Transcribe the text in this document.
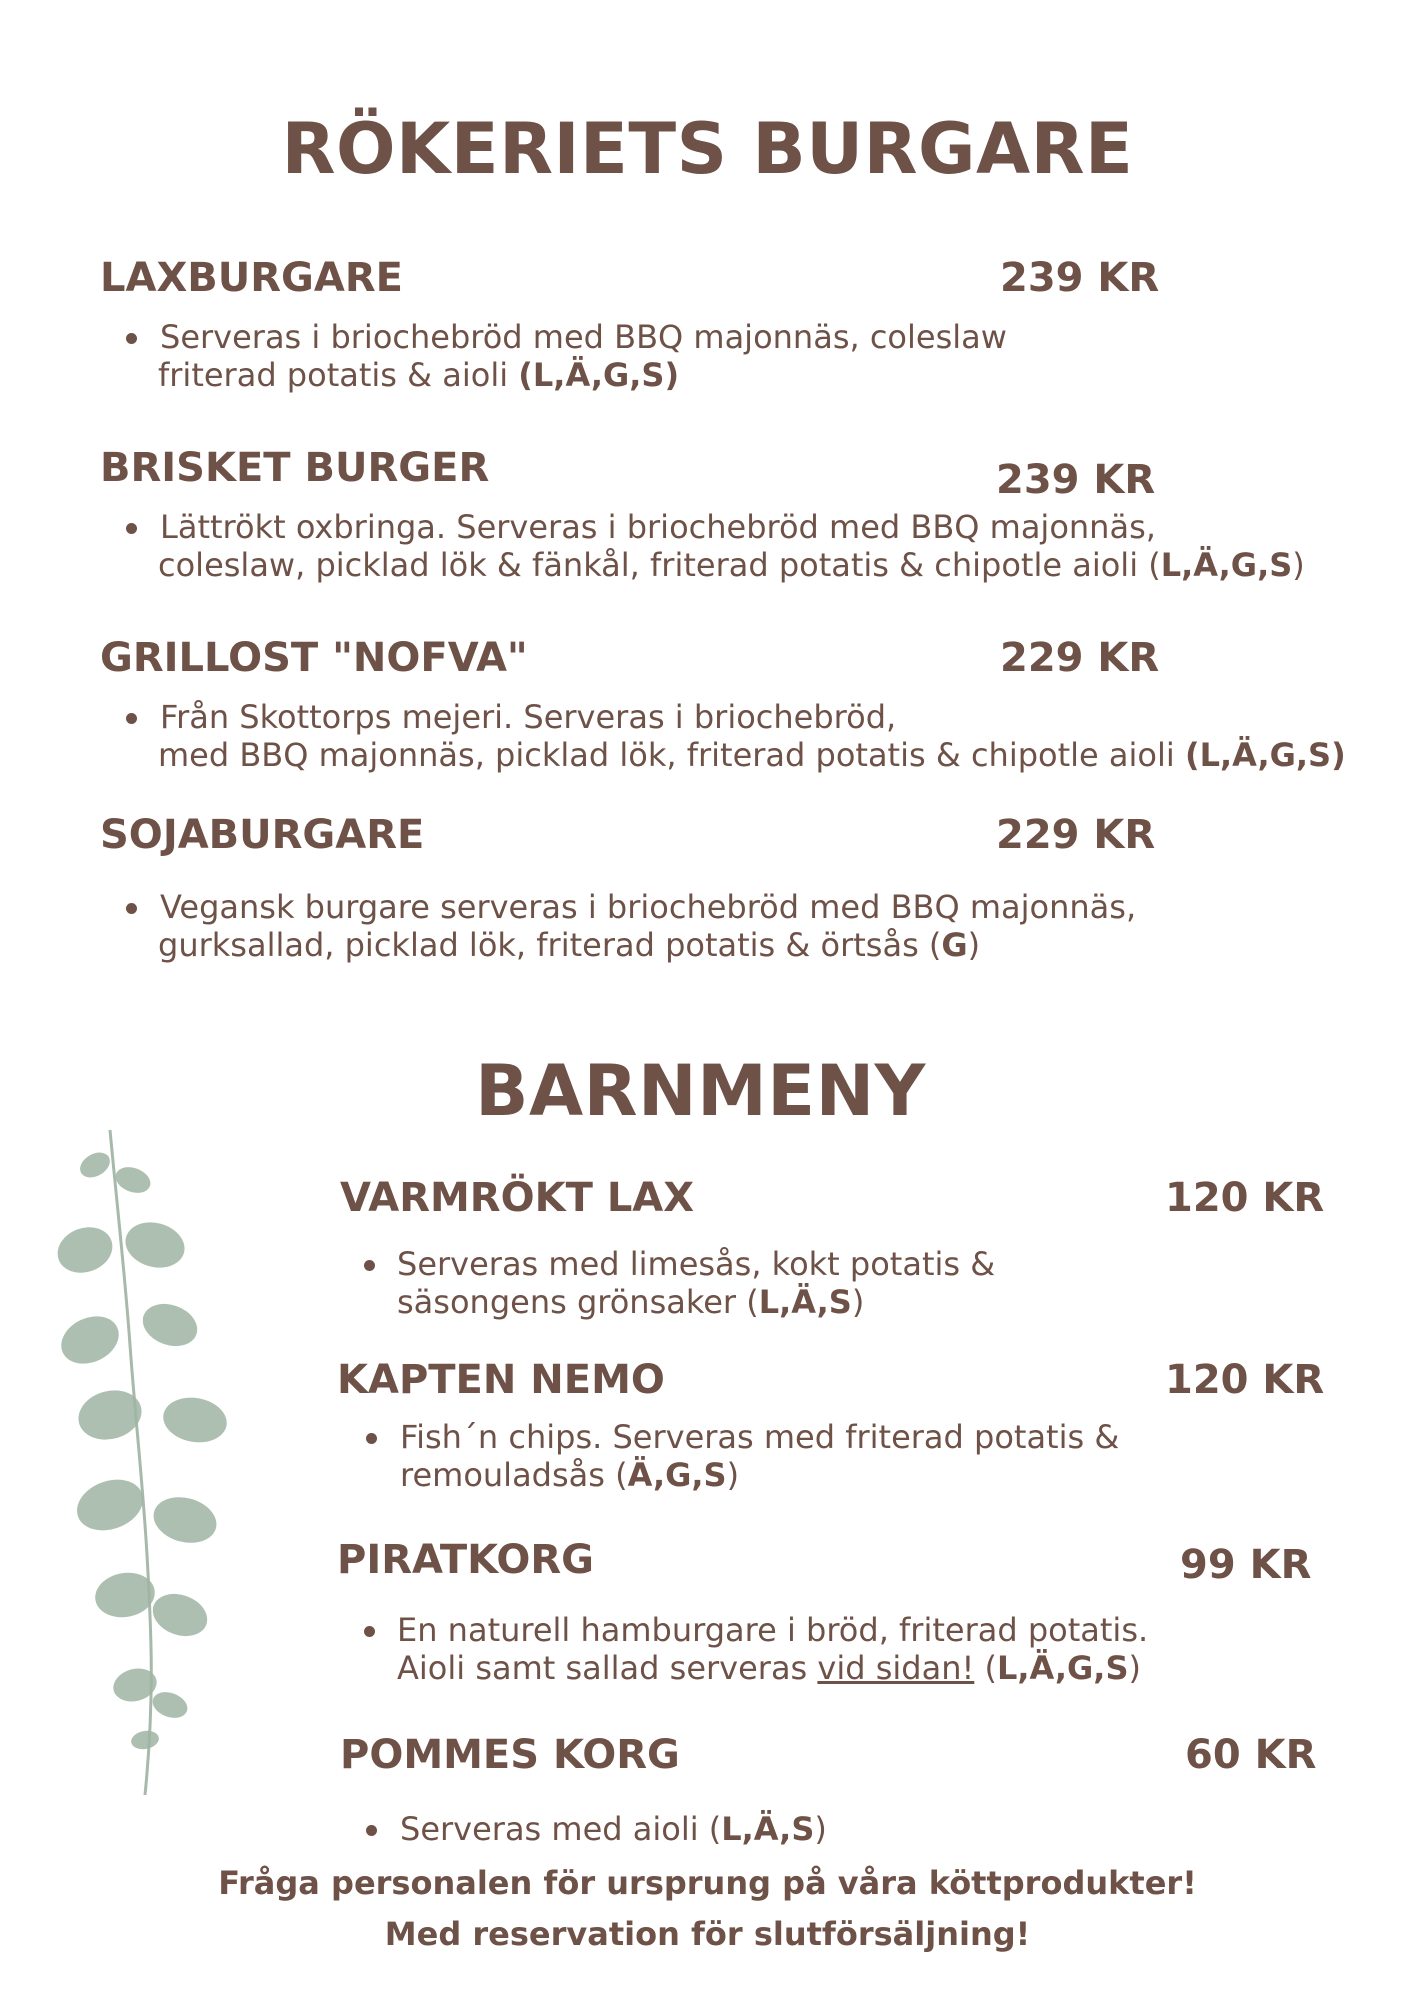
RÖKERIETS BURGARE
LAXBURGARE	239 KR
Serveras i briochebröd med BBQ majonnäs, coleslaw
friterad potatis & aioli (L,Ä,G,S)
BRISKET BURGER	239 KR
Lättrökt oxbringa. Serveras i briochebröd med BBQ majonnäs,
coleslaw, picklad lök & fänkål, friterad potatis & chipotle aioli (L,Ä,G,S)
GRILLOST "NOFVA"	229 KR
Från Skottorps mejeri. Serveras i briochebröd,
med BBQ majonnäs, picklad lök, friterad potatis & chipotle aioli (L,Ä,G,S)
SOJABURGARE	229 KR
Vegansk burgare serveras i briochebröd med BBQ majonnäs,
gurksallad, picklad lök, friterad potatis & örtsås (G)
BARNMENY
VARMRÖKT LAX	120 KR
Serveras med limesås, kokt potatis &
säsongens grönsaker (L,Ä,S)
KAPTEN NEMO	120 KR
Fish´n chips. Serveras med friterad potatis &
remouladsås (Ä,G,S)
PIRATKORG	99 KR
En naturell hamburgare i bröd, friterad potatis.
Aioli samt sallad serveras vid sidan! (L,Ä,G,S)
POMMES KORG	60 KR
Serveras med aioli (L,Ä,S)
Fråga personalen för ursprung på våra köttprodukter!
Med reservation för slutförsäljning!
